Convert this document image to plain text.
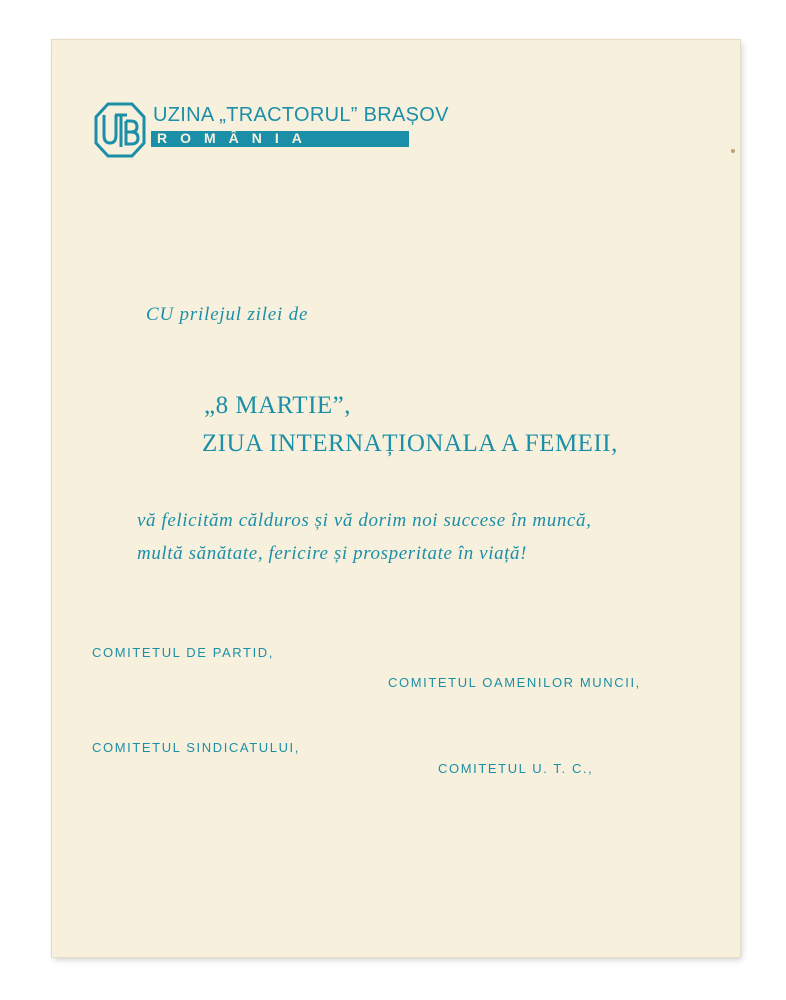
UZINA „TRACTORUL” BRAȘOV
ROMÂNIA
CU prilejul zilei de
„8 MARTIE”,
ZIUA INTERNAȚIONALA A FEMEII,
vă felicităm călduros și vă dorim noi succese în muncă,
multă sănătate, fericire și prosperitate în viață!
COMITETUL DE PARTID,
COMITETUL OAMENILOR MUNCII,
COMITETUL SINDICATULUI,
COMITETUL U. T. C.,
